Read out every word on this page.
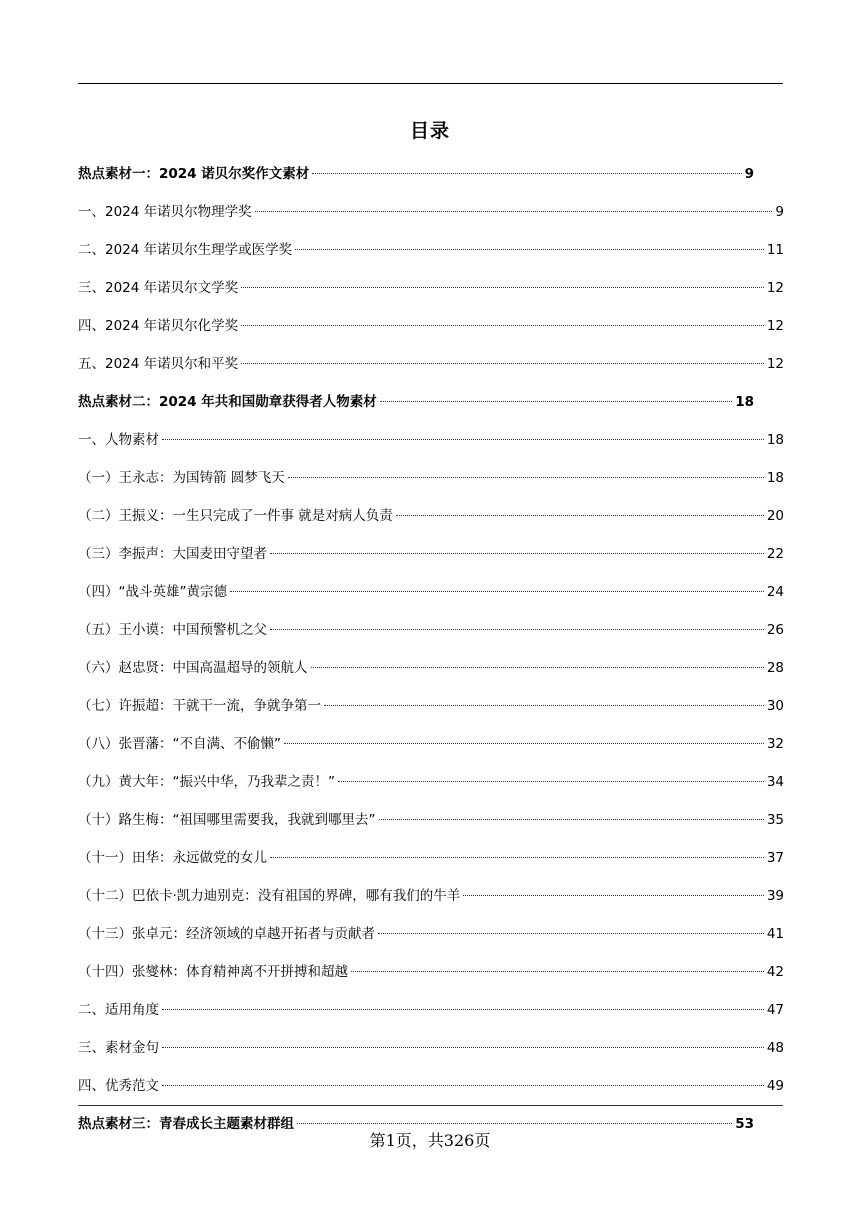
目录
热点素材一：2024 诺贝尔奖作文素材	9
一、2024 年诺贝尔物理学奖	9
二、2024 年诺贝尔生理学或医学奖	11
三、2024 年诺贝尔文学奖	12
四、2024 年诺贝尔化学奖	12
五、2024 年诺贝尔和平奖	12
热点素材二：2024 年共和国勋章获得者人物素材	18
一、人物素材	18
（一）王永志：为国铸箭 圆梦飞天	18
（二）王振义：一生只完成了一件事 就是对病人负责	20
（三）李振声：大国麦田守望者	22
（四）“战斗英雄”黄宗德	24
（五）王小谟：中国预警机之父	26
（六）赵忠贤：中国高温超导的领航人	28
（七）许振超：干就干一流，争就争第一	30
（八）张晋藩：“不自满、不偷懒”	32
（九）黄大年：“振兴中华，乃我辈之责！”	34
（十）路生梅：“祖国哪里需要我，我就到哪里去”	35
（十一）田华：永远做党的女儿	37
（十二）巴依卡·凯力迪别克：没有祖国的界碑，哪有我们的牛羊	39
（十三）张卓元：经济领域的卓越开拓者与贡献者	41
（十四）张燮林：体育精神离不开拼搏和超越	42
二、适用角度	47
三、素材金句	48
四、优秀范文	49
热点素材三：青春成长主题素材群组	53
第1页，共326页
